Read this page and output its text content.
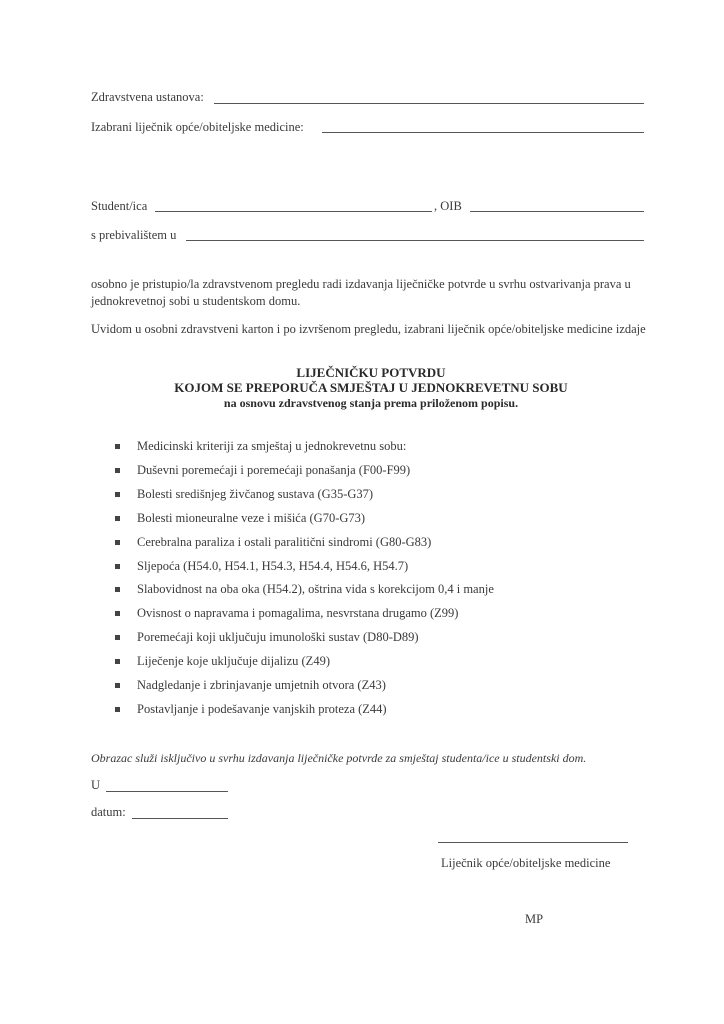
Zdravstvena ustanova:
Izabrani liječnik opće/obiteljske medicine:
Student/ica	, OIB
s prebivalištem u
osobno je pristupio/la zdravstvenom pregledu radi izdavanja liječničke potvrde u svrhu ostvarivanja prava u jednokrevetnoj sobi u studentskom domu.
Uvidom u osobni zdravstveni karton i po izvršenom pregledu, izabrani liječnik opće/obiteljske medicine izdaje
LIJEČNIČKU POTVRDU
KOJOM SE PREPORUČA SMJEŠTAJ U JEDNOKREVETNU SOBU
na osnovu zdravstvenog stanja prema priloženom popisu.
Medicinski kriteriji za smještaj u jednokrevetnu sobu:
Duševni poremećaji i poremećaji ponašanja (F00-F99)
Bolesti središnjeg živčanog sustava (G35-G37)
Bolesti mioneuralne veze i mišića (G70-G73)
Cerebralna paraliza i ostali paralitični sindromi (G80-G83)
Sljepoća (H54.0, H54.1, H54.3, H54.4, H54.6, H54.7)
Slabovidnost na oba oka (H54.2), oštrina vida s korekcijom 0,4 i manje
Ovisnost o napravama i pomagalima, nesvrstana drugamo (Z99)
Poremećaji koji uključuju imunološki sustav (D80-D89)
Liječenje koje uključuje dijalizu (Z49)
Nadgledanje i zbrinjavanje umjetnih otvora (Z43)
Postavljanje i podešavanje vanjskih proteza (Z44)
Obrazac služi isključivo u svrhu izdavanja liječničke potvrde za smještaj studenta/ice u studentski dom.
U
datum:
Liječnik opće/obiteljske medicine
MP
